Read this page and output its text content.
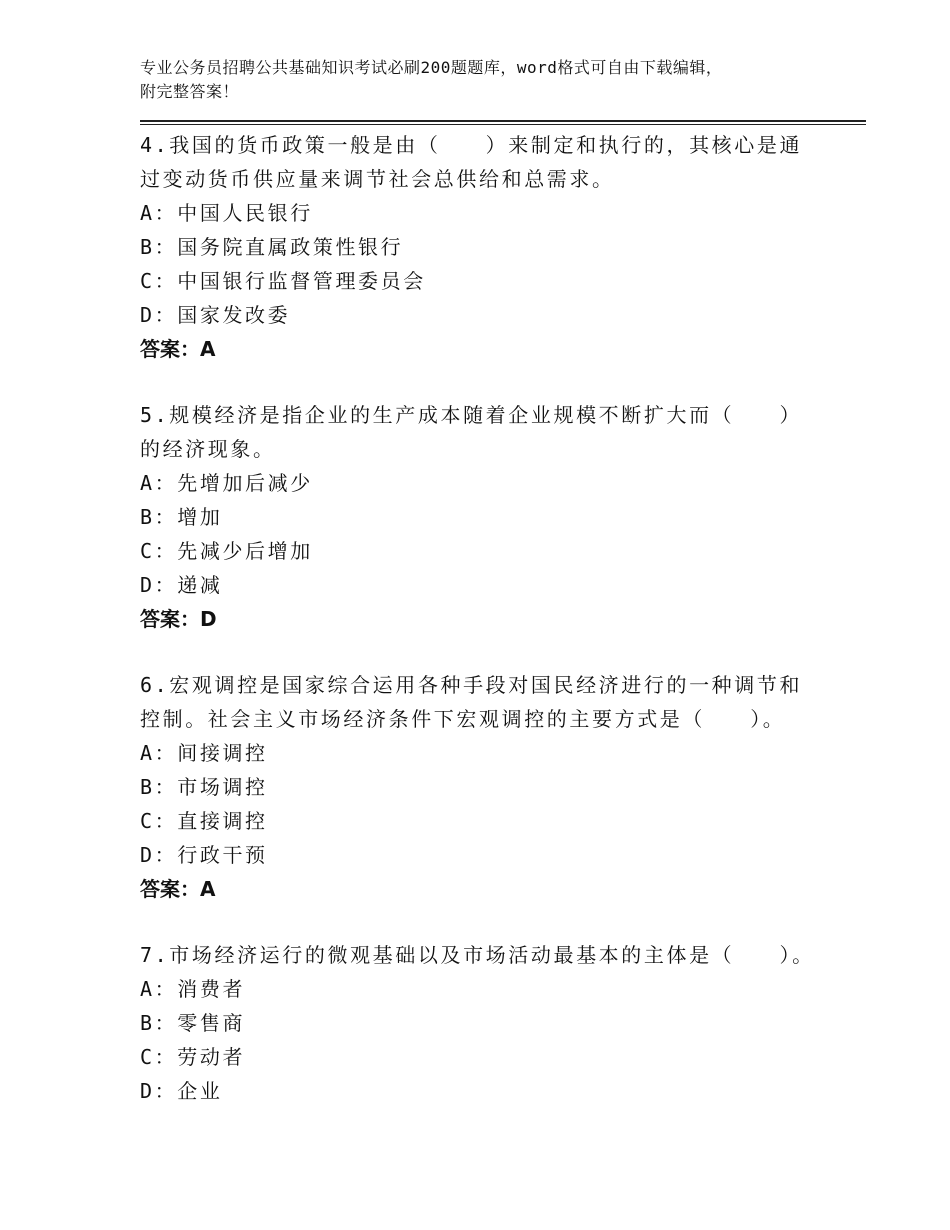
专业公务员招聘公共基础知识考试必刷200题题库，word格式可自由下载编辑，
附完整答案！

4.我国的货币政策一般是由（　　）来制定和执行的，其核心是通过变动货币供应量来调节社会总供给和总需求。

A：中国人民银行

B：国务院直属政策性银行

C：中国银行监督管理委员会

D：国家发改委

答案：A

5.规模经济是指企业的生产成本随着企业规模不断扩大而（　　）的经济现象。

A：先增加后减少

B：增加

C：先减少后增加

D：递减

答案：D

6.宏观调控是国家综合运用各种手段对国民经济进行的一种调节和控制。社会主义市场经济条件下宏观调控的主要方式是（　　）。

A：间接调控

B：市场调控

C：直接调控

D：行政干预

答案：A

7.市场经济运行的微观基础以及市场活动最基本的主体是（　　）。

A：消费者

B：零售商

C：劳动者

D：企业
